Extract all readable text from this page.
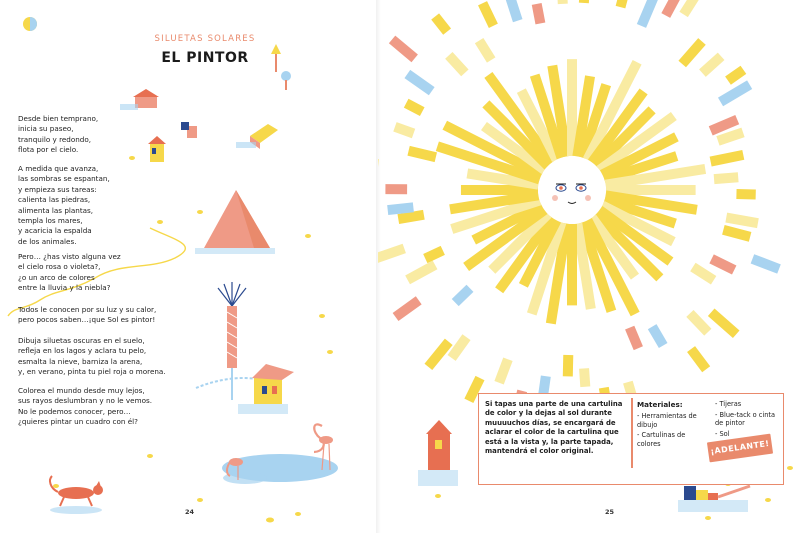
SILUETAS SOLARES
EL PINTOR
Desde bien temprano,
inicia su paseo,
tranquilo y redondo,
flota por el cielo.
A medida que avanza,
las sombras se espantan,
y empieza sus tareas:
calienta las piedras,
alimenta las plantas,
templa los mares,
y acaricia la espalda
de los animales.
Pero… ¿has visto alguna vez
el cielo rosa o violeta?,
¿o un arco de colores
entre la lluvia y la niebla?
Todos le conocen por su luz y su calor,
pero pocos saben…¡que Sol es pintor!
Dibuja siluetas oscuras en el suelo,
refleja en los lagos y aclara tu pelo,
esmalta la nieve, barniza la arena,
y, en verano, pinta tu piel roja o morena.
Colorea el mundo desde muy lejos,
sus rayos deslumbran y no le vemos.
No le podemos conocer, pero…
¿quieres pintar un cuadro con él?
24
Si tapas una parte de una cartulina de color y la dejas al sol durante muuuuchos días, se encargará de aclarar el color de la cartulina que está a la vista y, la parte tapada, mantendrá el color original.
Materiales:
- Herramientas de dibujo
- Cartulinas de colores
- Tijeras
- Blue-tack o cinta de pintor
- Sol
25
¡ADELANTE!
